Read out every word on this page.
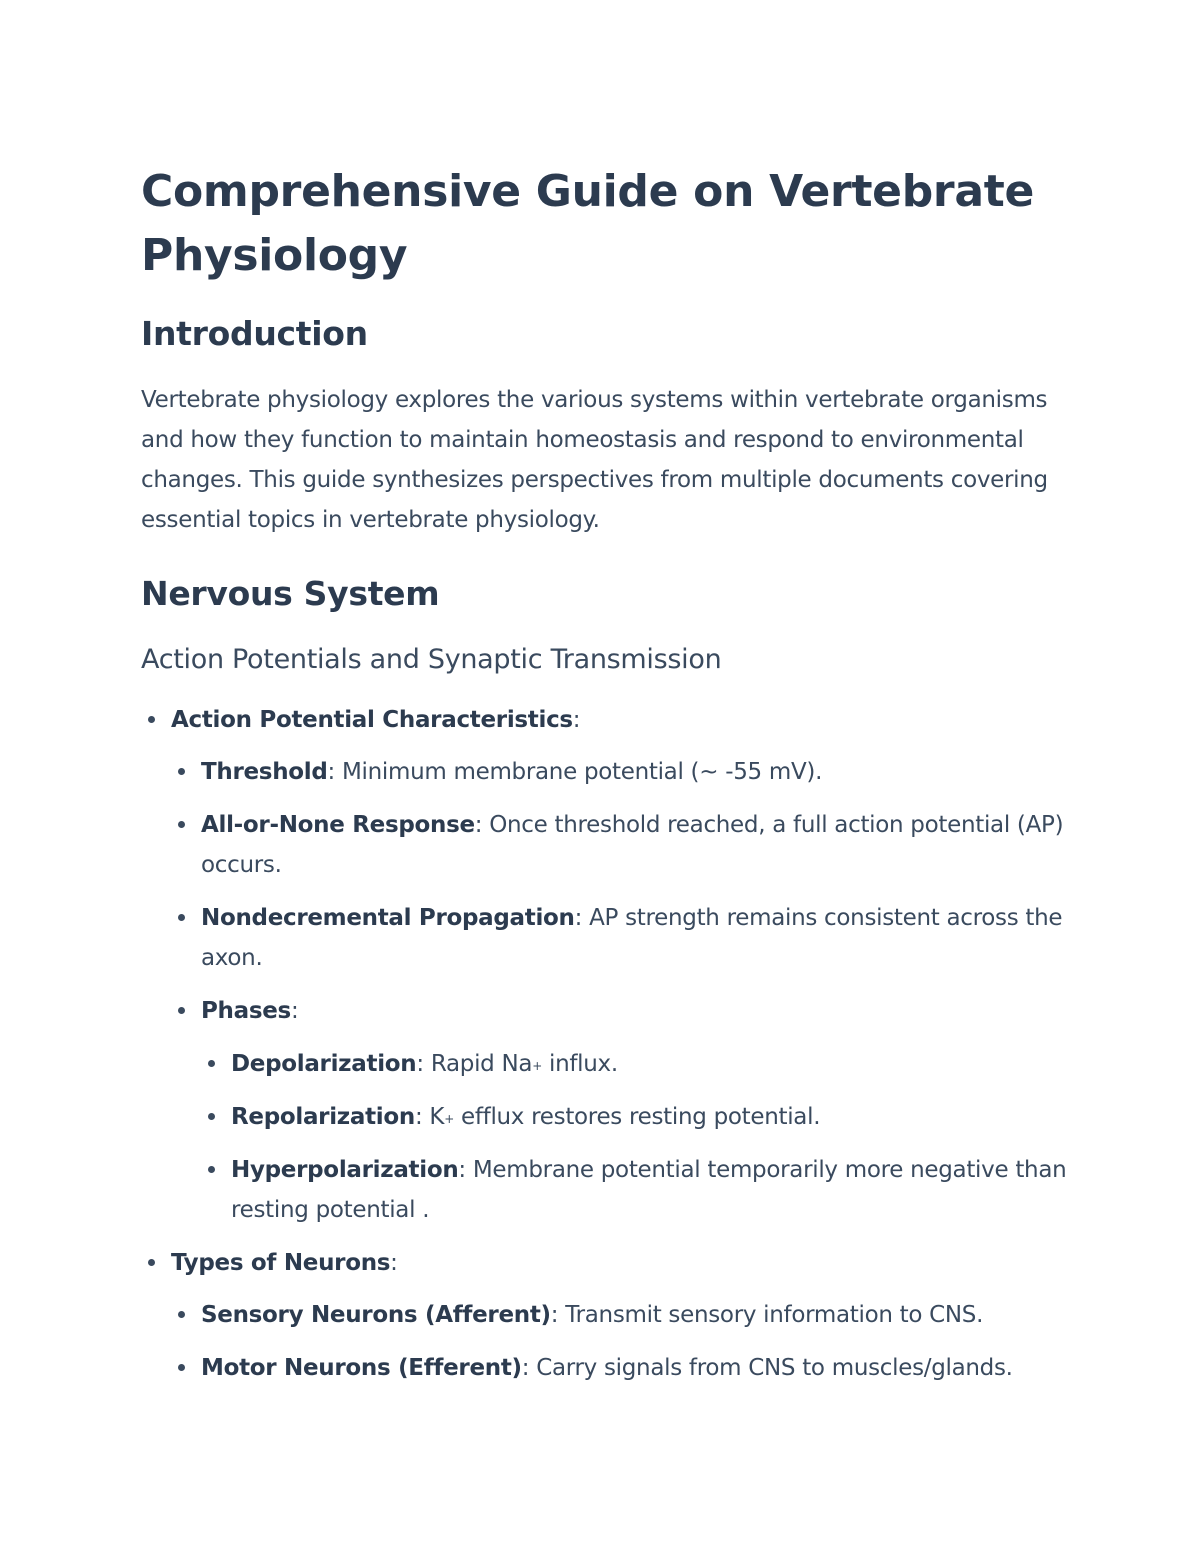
Comprehensive Guide on Vertebrate Physiology
Introduction

Vertebrate physiology explores the various systems within vertebrate organisms and how they function to maintain homeostasis and respond to environmental changes. This guide synthesizes perspectives from multiple documents covering essential topics in vertebrate physiology.

Nervous System
Action Potentials and Synaptic Transmission
Action Potential Characteristics:
Threshold: Minimum membrane potential (~ -55 mV).
All-or-None Response: Once threshold reached, a full action potential (AP) occurs.
Nondecremental Propagation: AP strength remains consistent across the axon.
Phases:
Depolarization: Rapid Na+ influx.
Repolarization: K+ efflux restores resting potential.
Hyperpolarization: Membrane potential temporarily more negative than resting potential .
Types of Neurons:
Sensory Neurons (Afferent): Transmit sensory information to CNS.
Motor Neurons (Efferent): Carry signals from CNS to muscles/glands.
